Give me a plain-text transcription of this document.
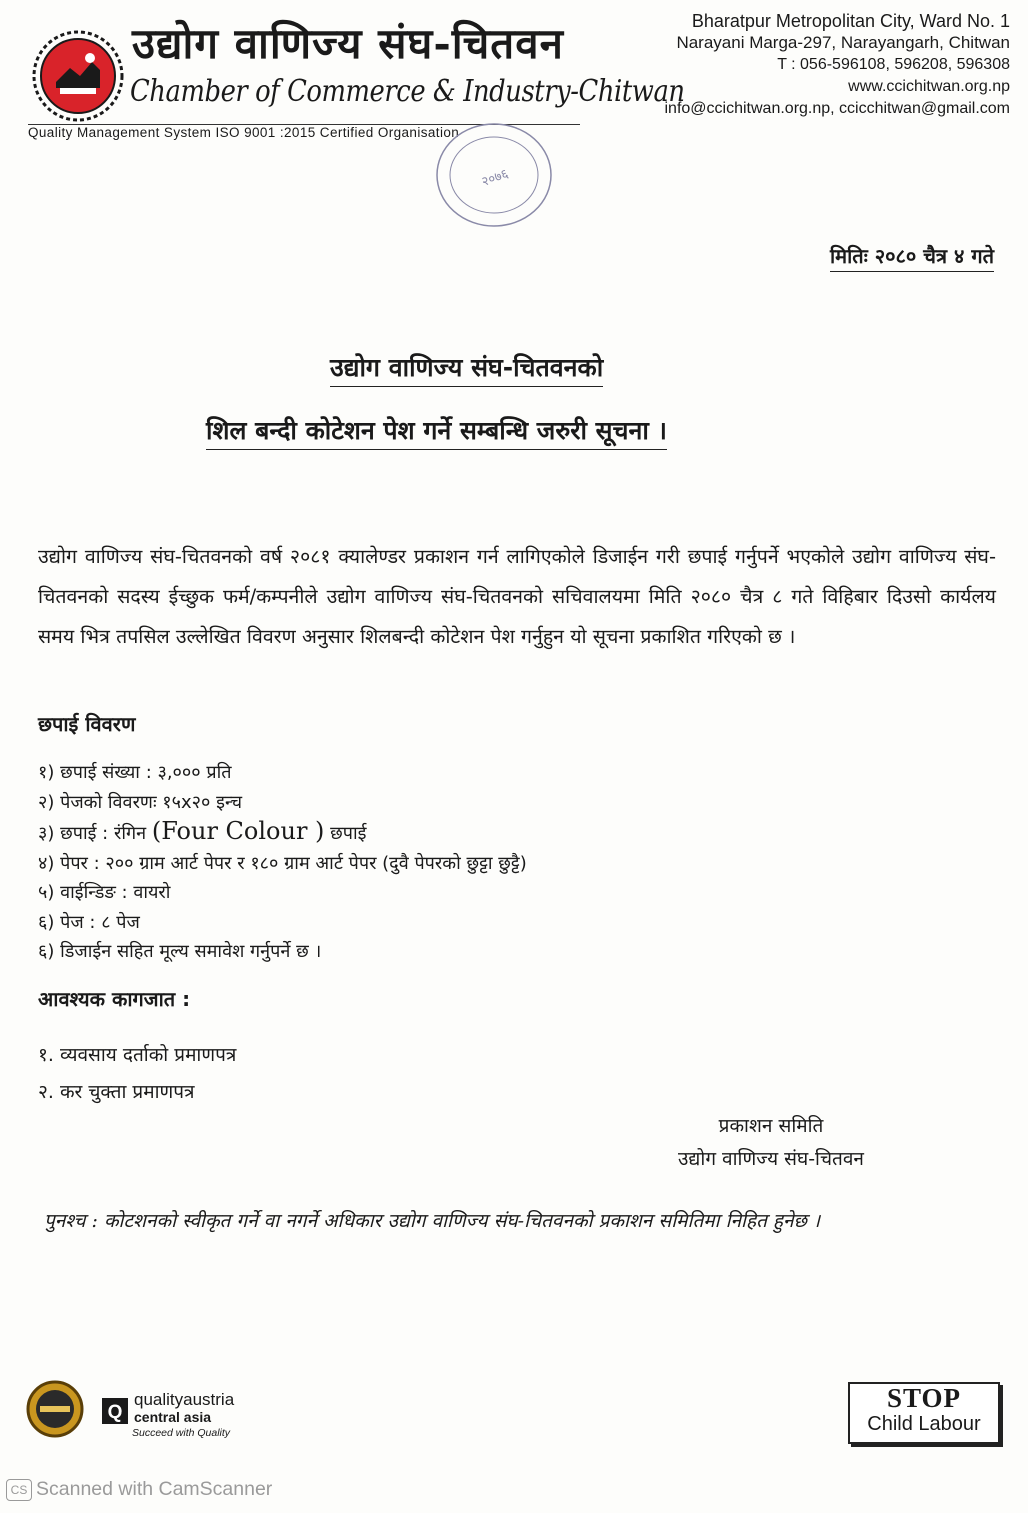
उद्योग वाणिज्य संघ-चितवन
Chamber of Commerce & Industry-Chitwan
Quality Management System ISO 9001 :2015 Certified Organisation
Bharatpur Metropolitan City, Ward No. 1
Narayani Marga-297, Narayangarh, Chitwan
T : 056-596108, 596208, 596308
www.ccichitwan.org.np
info@ccichitwan.org.np, ccicchitwan@gmail.com
२०७६
मितिः २०८० चैत्र ४ गते
उद्योग वाणिज्य संघ-चितवनको
शिल बन्दी कोटेशन पेश गर्ने सम्बन्धि जरुरी सूचना ।
उद्योग वाणिज्य संघ-चितवनको वर्ष २०८१ क्यालेण्डर प्रकाशन गर्न लागिएकोले डिजाईन गरी छपाई गर्नुपर्ने भएकोले उद्योग वाणिज्य संघ-चितवनको सदस्य ईच्छुक फर्म/कम्पनीले उद्योग वाणिज्य संघ-चितवनको सचिवालयमा मिति २०८० चैत्र ८ गते विहिबार दिउसो कार्यलय समय भित्र तपसिल उल्लेखित विवरण अनुसार शिलबन्दी कोटेशन पेश गर्नुहुन यो सूचना प्रकाशित गरिएको छ ।
छपाई विवरण
१) छपाई संख्या : ३,००० प्रति
२) पेजको विवरणः १५x२० इन्च
३) छपाई : रंगिन (Four Colour ) छपाई
४) पेपर : २०० ग्राम आर्ट पेपर र १८० ग्राम आर्ट पेपर (दुवै पेपरको छुट्टा छुट्टै)
५) वाईन्डिङ : वायरो
६) पेज : ८ पेज
६) डिजाईन सहित मूल्य समावेश गर्नुपर्ने छ ।
आवश्यक कागजात :
१. व्यवसाय दर्ताको प्रमाणपत्र
२. कर चुक्ता प्रमाणपत्र
प्रकाशन समिति
उद्योग वाणिज्य संघ-चितवन
पुनश्च : कोटशनको स्वीकृत गर्ने वा नगर्ने अधिकार उद्योग वाणिज्य संघ-चितवनको प्रकाशन समितिमा निहित हुनेछ ।
Q
qualityaustria
central asia
Succeed with Quality
STOP
Child Labour
CS Scanned with CamScanner
